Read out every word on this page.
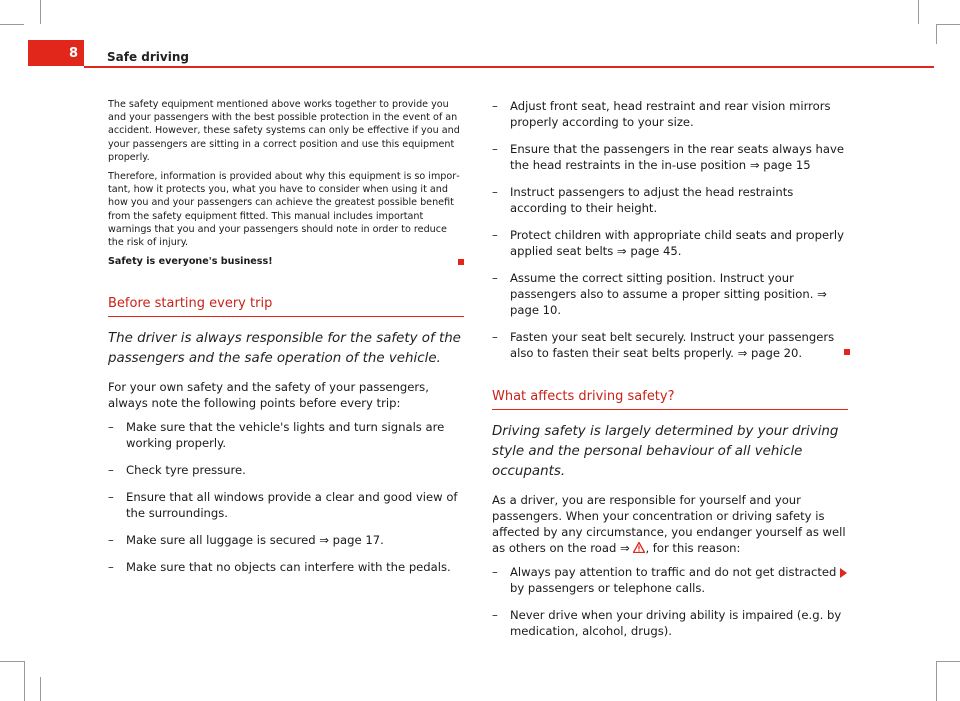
8 Safe driving

The safety equipment mentioned above works together to provide you and your passengers with the best possible protection in the event of an accident. However, these safety systems can only be effective if you and your passengers are sitting in a correct position and use this equipment properly.

Therefore, information is provided about why this equipment is so important, how it protects you, what you have to consider when using it and how you and your passengers can achieve the greatest possible benefit from the safety equipment fitted. This manual includes important warnings that you and your passengers should note in order to reduce the risk of injury.

Safety is everyone's business!

Before starting every trip
The driver is always responsible for the safety of the passengers and the safe operation of the vehicle.

For your own safety and the safety of your passengers, always note the following points before every trip:

– Make sure that the vehicle's lights and turn signals are working properly.
– Check tyre pressure.
– Ensure that all windows provide a clear and good view of the surroundings.
– Make sure all luggage is secured ⇒ page 17.
– Make sure that no objects can interfere with the pedals.
– Adjust front seat, head restraint and rear vision mirrors properly according to your size.
– Ensure that the passengers in the rear seats always have the head restraints in the in-use position ⇒ page 15
– Instruct passengers to adjust the head restraints according to their height.
– Protect children with appropriate child seats and properly applied seat belts ⇒ page 45.
– Assume the correct sitting position. Instruct your passengers also to assume a proper sitting position. ⇒ page 10.
– Fasten your seat belt securely. Instruct your passengers also to fasten their seat belts properly. ⇒ page 20.
What affects driving safety?
Driving safety is largely determined by your driving style and the personal behaviour of all vehicle occupants.

As a driver, you are responsible for yourself and your passengers. When your concentration or driving safety is affected by any circumstance, you endanger yourself as well as others on the road ⇒ , for this reason:

– Always pay attention to traffic and do not get distracted by passengers or telephone calls.
– Never drive when your driving ability is impaired (e.g. by medication, alcohol, drugs).
